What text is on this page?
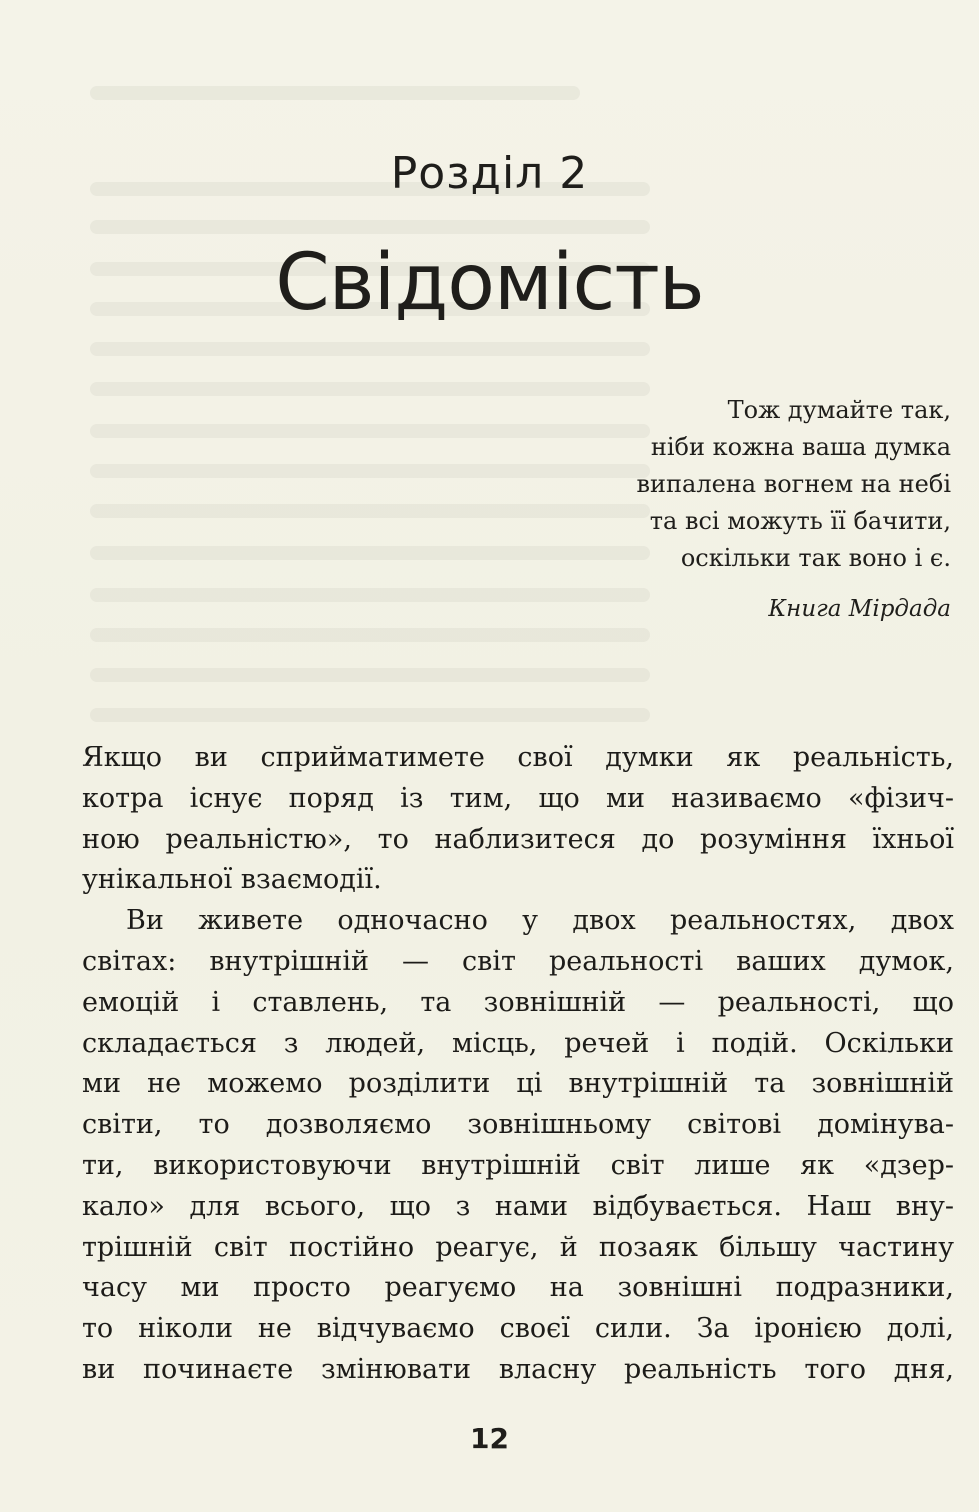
Розділ 2
Свідомість
Тож думайте так,
ніби кожна ваша думка
випалена вогнем на небі
та всі можуть її бачити,
оскільки так воно і є.
Книга Мірдада
Якщо ви сприйматимете свої думки як реальність,
котра існує поряд із тим, що ми називаємо «фізич-
ною реальністю», то наблизитеся до розуміння їхньої
унікальної взаємодії.
Ви живете одночасно у двох реальностях, двох
світах: внутрішній — світ реальності ваших думок,
емоцій і ставлень, та зовнішній — реальності, що
складається з людей, місць, речей і подій. Оскільки
ми не можемо розділити ці внутрішній та зовнішній
світи, то дозволяємо зовнішньому світові домінува-
ти, використовуючи внутрішній світ лише як «дзер-
кало» для всього, що з нами відбувається. Наш вну-
трішній світ постійно реагує, й позаяк більшу частину
часу ми просто реагуємо на зовнішні подразники,
то ніколи не відчуваємо своєї сили. За іронією долі,
ви починаєте змінювати власну реальність того дня,
12
